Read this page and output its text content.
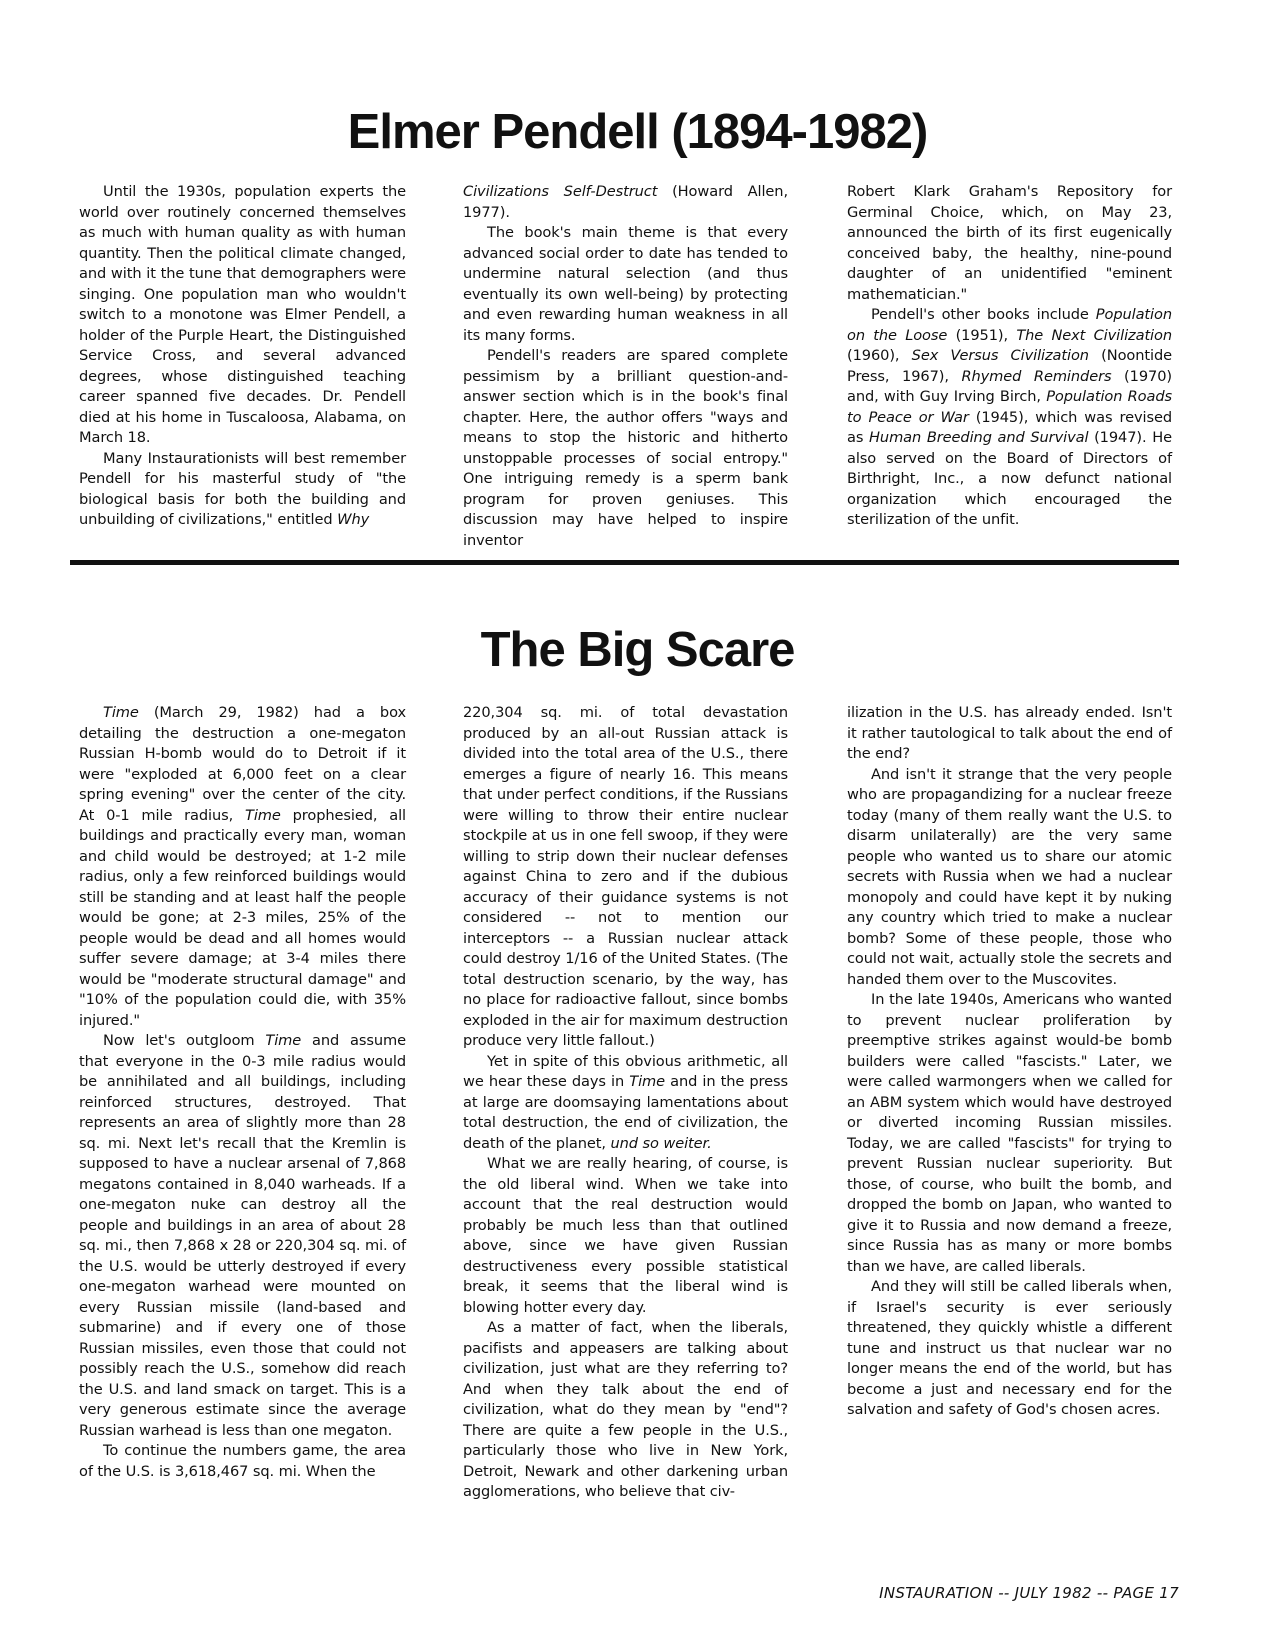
Elmer Pendell (1894-1982)

Until the 1930s, population experts the world over routinely concerned themselves as much with human quality as with human quantity. Then the political climate changed, and with it the tune that demographers were singing. One population man who wouldn't switch to a monotone was Elmer Pendell, a holder of the Purple Heart, the Distinguished Service Cross, and several advanced degrees, whose distinguished teaching career spanned five decades. Dr. Pendell died at his home in Tuscaloosa, Alabama, on March 18.

Many Instaurationists will best remember Pendell for his masterful study of "the biological basis for both the building and unbuilding of civilizations," entitled Why

Civilizations Self-Destruct (Howard Allen, 1977).

The book's main theme is that every advanced social order to date has tended to undermine natural selection (and thus eventually its own well-being) by protecting and even rewarding human weakness in all its many forms.

Pendell's readers are spared complete pessimism by a brilliant question-and-answer section which is in the book's final chapter. Here, the author offers "ways and means to stop the historic and hitherto unstoppable processes of social entropy." One intriguing remedy is a sperm bank program for proven geniuses. This discussion may have helped to inspire inventor

Robert Klark Graham's Repository for Germinal Choice, which, on May 23, announced the birth of its first eugenically conceived baby, the healthy, nine-pound daughter of an unidentified "eminent mathematician."

Pendell's other books include Population on the Loose (1951), The Next Civilization (1960), Sex Versus Civilization (Noontide Press, 1967), Rhymed Reminders (1970) and, with Guy Irving Birch, Population Roads to Peace or War (1945), which was revised as Human Breeding and Survival (1947). He also served on the Board of Directors of Birthright, Inc., a now defunct national organization which encouraged the sterilization of the unfit.

The Big Scare

Time (March 29, 1982) had a box detailing the destruction a one-megaton Russian H-bomb would do to Detroit if it were "exploded at 6,000 feet on a clear spring evening" over the center of the city. At 0-1 mile radius, Time prophesied, all buildings and practically every man, woman and child would be destroyed; at 1-2 mile radius, only a few reinforced buildings would still be standing and at least half the people would be gone; at 2-3 miles, 25% of the people would be dead and all homes would suffer severe damage; at 3-4 miles there would be "moderate structural damage" and "10% of the population could die, with 35% injured."

Now let's outgloom Time and assume that everyone in the 0-3 mile radius would be annihilated and all buildings, including reinforced structures, destroyed. That represents an area of slightly more than 28 sq. mi. Next let's recall that the Kremlin is supposed to have a nuclear arsenal of 7,868 megatons contained in 8,040 warheads. If a one-megaton nuke can destroy all the people and buildings in an area of about 28 sq. mi., then 7,868 x 28 or 220,304 sq. mi. of the U.S. would be utterly destroyed if every one-megaton warhead were mounted on every Russian missile (land-based and submarine) and if every one of those Russian missiles, even those that could not possibly reach the U.S., somehow did reach the U.S. and land smack on target. This is a very generous estimate since the average Russian warhead is less than one megaton.

To continue the numbers game, the area of the U.S. is 3,618,467 sq. mi. When the

220,304 sq. mi. of total devastation produced by an all-out Russian attack is divided into the total area of the U.S., there emerges a figure of nearly 16. This means that under perfect conditions, if the Russians were willing to throw their entire nuclear stockpile at us in one fell swoop, if they were willing to strip down their nuclear defenses against China to zero and if the dubious accuracy of their guidance systems is not considered -- not to mention our interceptors -- a Russian nuclear attack could destroy 1/16 of the United States. (The total destruction scenario, by the way, has no place for radioactive fallout, since bombs exploded in the air for maximum destruction produce very little fallout.)

Yet in spite of this obvious arithmetic, all we hear these days in Time and in the press at large are doomsaying lamentations about total destruction, the end of civilization, the death of the planet, und so weiter.

What we are really hearing, of course, is the old liberal wind. When we take into account that the real destruction would probably be much less than that outlined above, since we have given Russian destructiveness every possible statistical break, it seems that the liberal wind is blowing hotter every day.

As a matter of fact, when the liberals, pacifists and appeasers are talking about civilization, just what are they referring to? And when they talk about the end of civilization, what do they mean by "end"? There are quite a few people in the U.S., particularly those who live in New York, Detroit, Newark and other darkening urban agglomerations, who believe that civ-

ilization in the U.S. has already ended. Isn't it rather tautological to talk about the end of the end?

And isn't it strange that the very people who are propagandizing for a nuclear freeze today (many of them really want the U.S. to disarm unilaterally) are the very same people who wanted us to share our atomic secrets with Russia when we had a nuclear monopoly and could have kept it by nuking any country which tried to make a nuclear bomb? Some of these people, those who could not wait, actually stole the secrets and handed them over to the Muscovites.

In the late 1940s, Americans who wanted to prevent nuclear proliferation by preemptive strikes against would-be bomb builders were called "fascists." Later, we were called warmongers when we called for an ABM system which would have destroyed or diverted incoming Russian missiles. Today, we are called "fascists" for trying to prevent Russian nuclear superiority. But those, of course, who built the bomb, and dropped the bomb on Japan, who wanted to give it to Russia and now demand a freeze, since Russia has as many or more bombs than we have, are called liberals.

And they will still be called liberals when, if Israel's security is ever seriously threatened, they quickly whistle a different tune and instruct us that nuclear war no longer means the end of the world, but has become a just and necessary end for the salvation and safety of God's chosen acres.

INSTAURATION -- JULY 1982 -- PAGE 17
